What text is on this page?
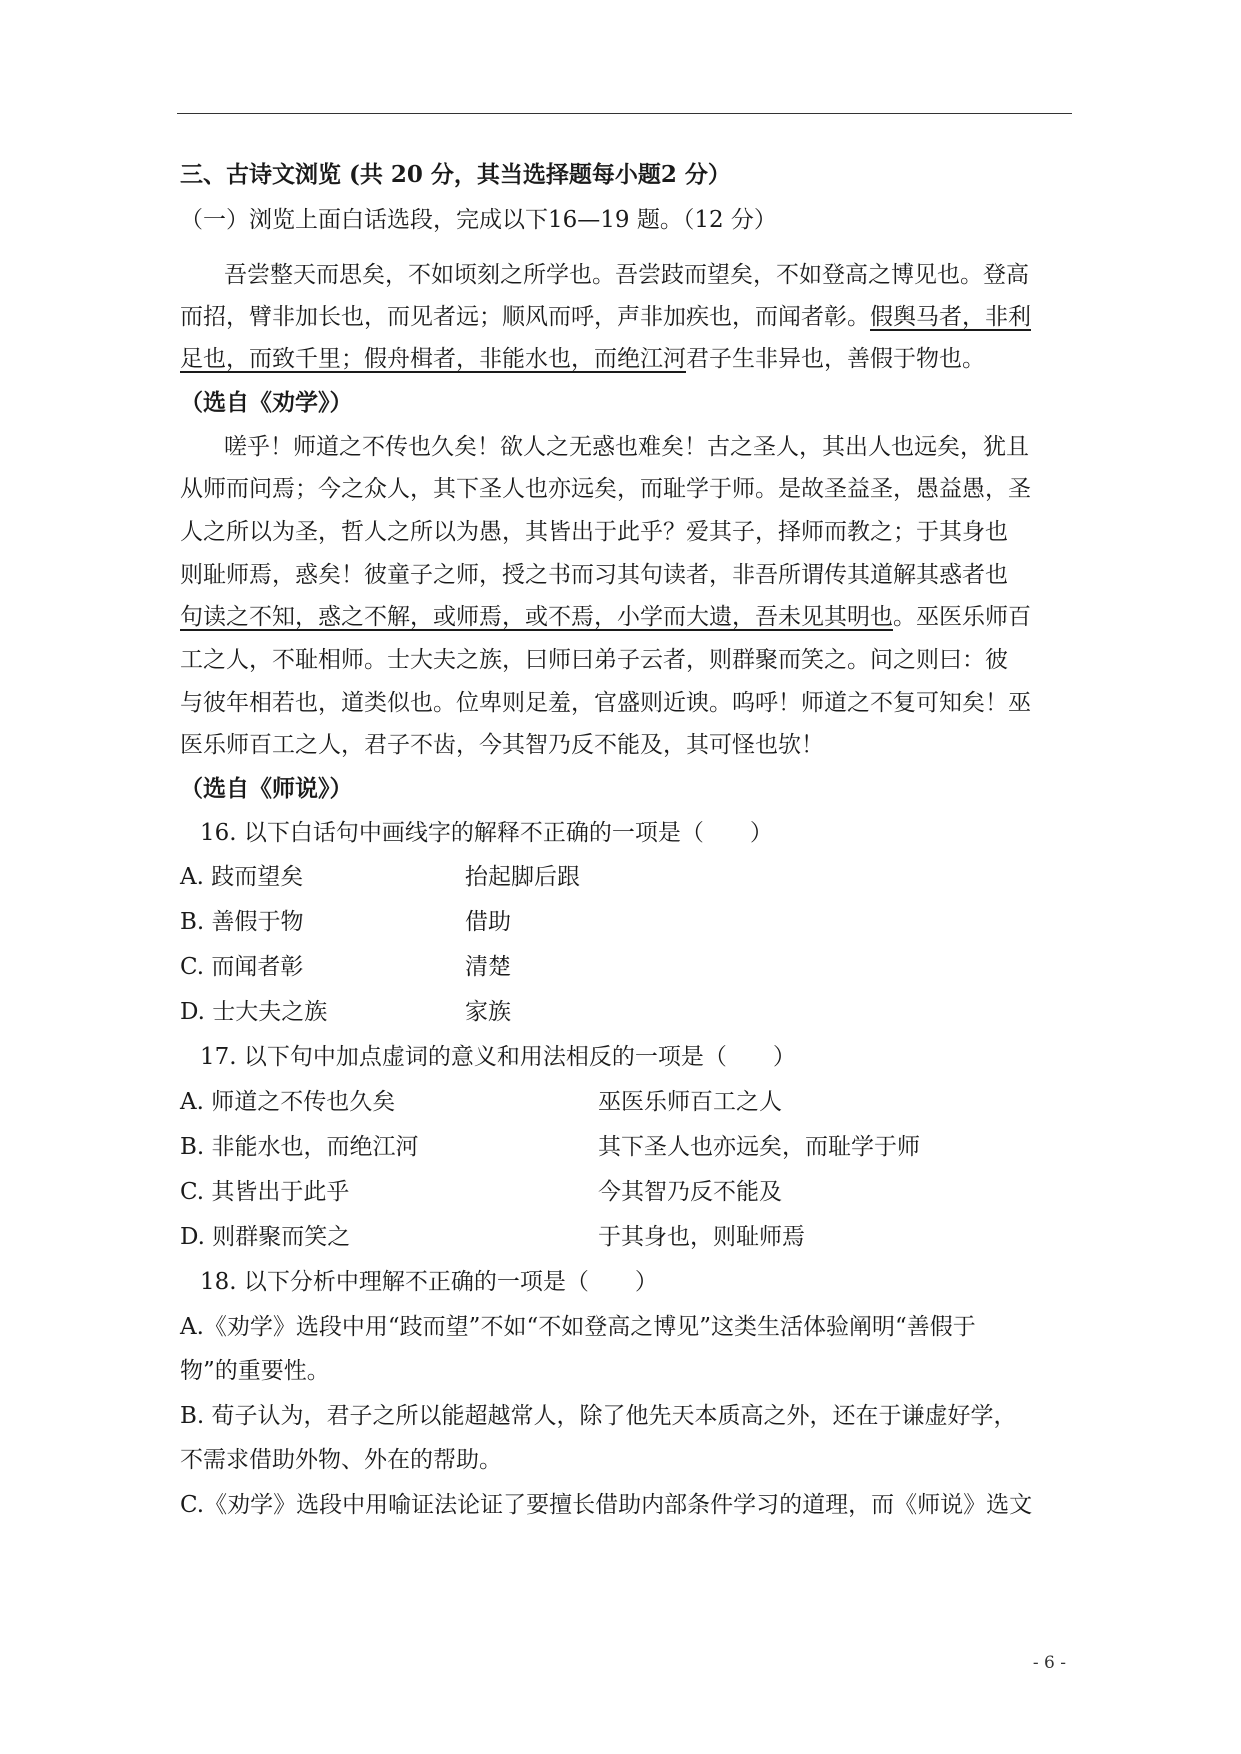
三、古诗文浏览 (共 20 分，其当选择题每小题2 分）
（一）浏览上面白话选段，完成以下16—19 题。（12 分）
吾尝整天而思矣，不如顷刻之所学也。吾尝跂而望矣，不如登高之博见也。登高
而招，臂非加长也，而见者远；顺风而呼，声非加疾也，而闻者彰。假舆马者，非利
足也，而致千里；假舟楫者，非能水也，而绝江河君子生非异也，善假于物也。
（选自《劝学》）
嗟乎！师道之不传也久矣！欲人之无惑也难矣！古之圣人，其出人也远矣，犹且
从师而问焉；今之众人，其下圣人也亦远矣，而耻学于师。是故圣益圣，愚益愚，圣
人之所以为圣，哲人之所以为愚，其皆出于此乎？爱其子，择师而教之；于其身也
则耻师焉，惑矣！彼童子之师，授之书而习其句读者，非吾所谓传其道解其惑者也
句读之不知，惑之不解，或师焉，或不焉，小学而大遗，吾未见其明也。巫医乐师百
工之人，不耻相师。士大夫之族，曰师曰弟子云者，则群聚而笑之。问之则曰：彼
与彼年相若也，道类似也。位卑则足羞，官盛则近谀。呜呼！师道之不复可知矣！巫
医乐师百工之人，君子不齿，今其智乃反不能及，其可怪也欤！
（选自《师说》）
16. 以下白话句中画线字的解释不正确的一项是（　　）
A. 跂而望矣	抬起脚后跟
B. 善假于物	借助
C. 而闻者彰	清楚
D. 士大夫之族	家族
17. 以下句中加点虚词的意义和用法相反的一项是（　　）
A. 师道之不传也久矣	巫医乐师百工之人
B. 非能水也，而绝江河	其下圣人也亦远矣，而耻学于师
C. 其皆出于此乎	今其智乃反不能及
D. 则群聚而笑之	于其身也，则耻师焉
18. 以下分析中理解不正确的一项是（　　）
A.《劝学》选段中用“跂而望”不如“不如登高之博见”这类生活体验阐明“善假于
物”的重要性。
B. 荀子认为，君子之所以能超越常人，除了他先天本质高之外，还在于谦虚好学，
不需求借助外物、外在的帮助。
C.《劝学》选段中用喻证法论证了要擅长借助内部条件学习的道理，而《师说》选文
- 6 -
